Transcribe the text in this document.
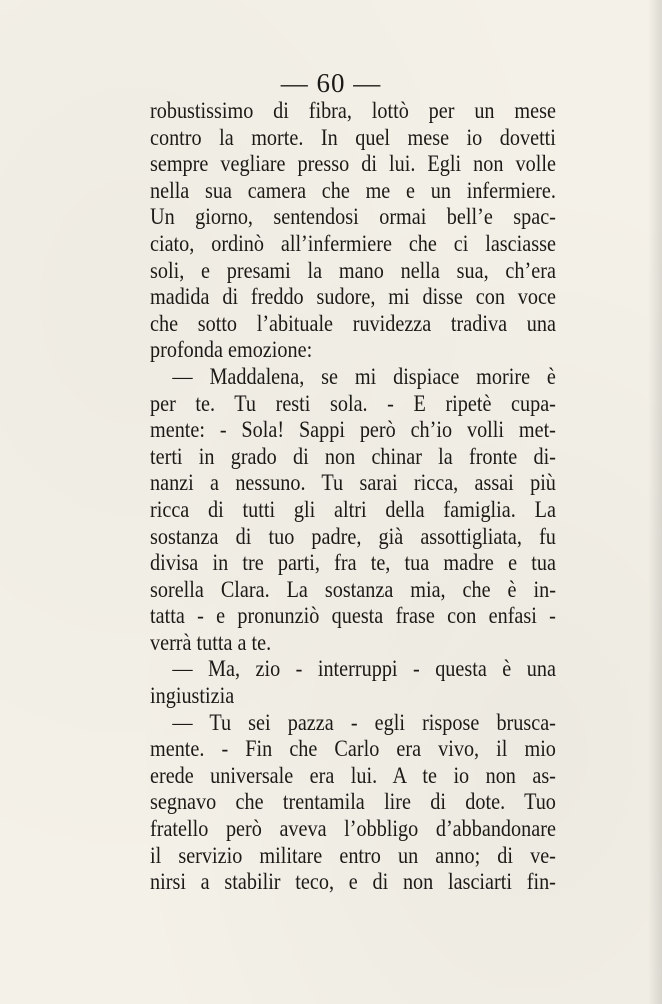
— 60 —
robustissimo di fibra, lottò per un mese
contro la morte. In quel mese io dovetti
sempre vegliare presso di lui. Egli non volle
nella sua camera che me e un infermiere.
Un giorno, sentendosi ormai bell’e spac-
ciato, ordinò all’infermiere che ci lasciasse
soli, e presami la mano nella sua, ch’era
madida di freddo sudore, mi disse con voce
che sotto l’abituale ruvidezza tradiva una
profonda emozione:
— Maddalena, se mi dispiace morire è
per te. Tu resti sola. - E ripetè cupa-
mente: - Sola! Sappi però ch’io volli met-
terti in grado di non chinar la fronte di-
nanzi a nessuno. Tu sarai ricca, assai più
ricca di tutti gli altri della famiglia. La
sostanza di tuo padre, già assottigliata, fu
divisa in tre parti, fra te, tua madre e tua
sorella Clara. La sostanza mia, che è in-
tatta - e pronunziò questa frase con enfasi -
verrà tutta a te.
— Ma, zio - interruppi - questa è una
ingiustizia
— Tu sei pazza - egli rispose brusca-
mente. - Fin che Carlo era vivo, il mio
erede universale era lui. A te io non as-
segnavo che trentamila lire di dote. Tuo
fratello però aveva l’obbligo d’abbandonare
il servizio militare entro un anno; di ve-
nirsi a stabilir teco, e di non lasciarti fin-
